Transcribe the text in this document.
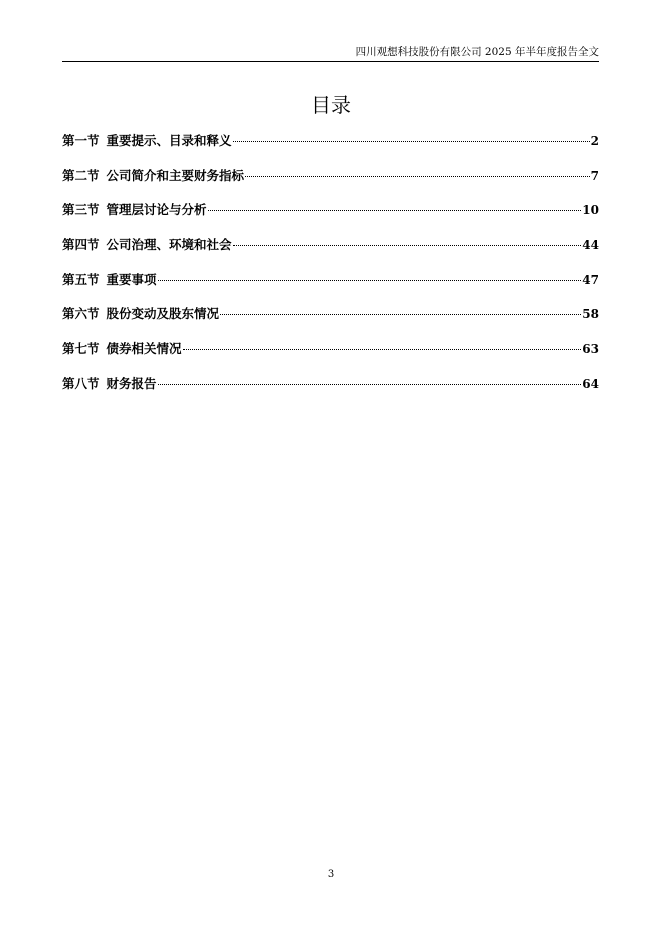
四川观想科技股份有限公司 2025 年半年度报告全文
目录
第一节 重要提示、目录和释义	2
第二节 公司简介和主要财务指标	7
第三节 管理层讨论与分析	10
第四节 公司治理、环境和社会	44
第五节 重要事项	47
第六节 股份变动及股东情况	58
第七节 债券相关情况	63
第八节 财务报告	64
3
